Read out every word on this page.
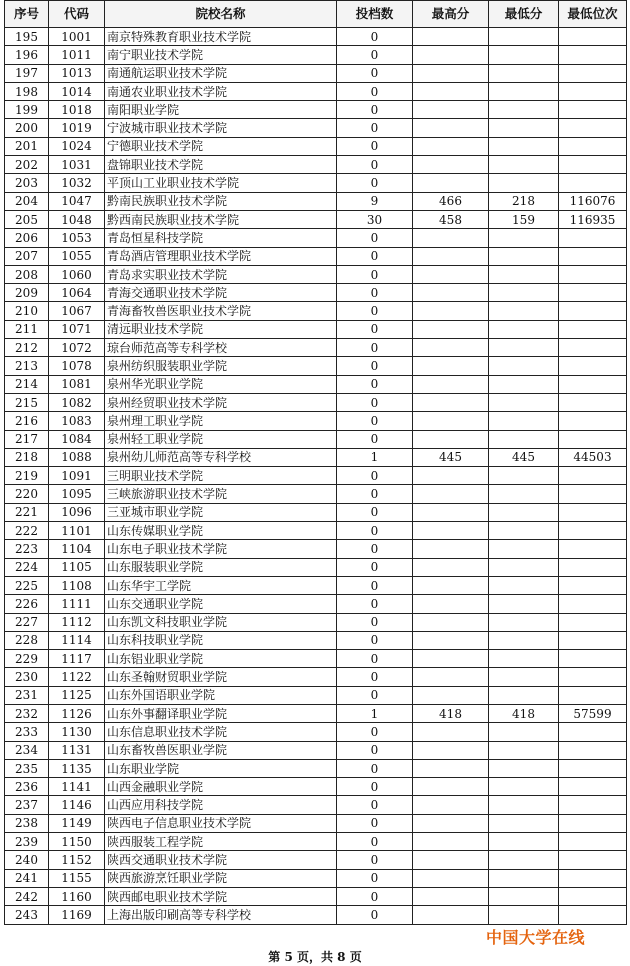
序号	代码	院校名称	投档数	最高分	最低分	最低位次
195	1001	南京特殊教育职业技术学院	0			
196	1011	南宁职业技术学院	0			
197	1013	南通航运职业技术学院	0			
198	1014	南通农业职业技术学院	0			
199	1018	南阳职业学院	0			
200	1019	宁波城市职业技术学院	0			
201	1024	宁德职业技术学院	0			
202	1031	盘锦职业技术学院	0			
203	1032	平顶山工业职业技术学院	0			
204	1047	黔南民族职业技术学院	9	466	218	116076
205	1048	黔西南民族职业技术学院	30	458	159	116935
206	1053	青岛恒星科技学院	0			
207	1055	青岛酒店管理职业技术学院	0			
208	1060	青岛求实职业技术学院	0			
209	1064	青海交通职业技术学院	0			
210	1067	青海畜牧兽医职业技术学院	0			
211	1071	清远职业技术学院	0			
212	1072	琼台师范高等专科学校	0			
213	1078	泉州纺织服装职业学院	0			
214	1081	泉州华光职业学院	0			
215	1082	泉州经贸职业技术学院	0			
216	1083	泉州理工职业学院	0			
217	1084	泉州轻工职业学院	0			
218	1088	泉州幼儿师范高等专科学校	1	445	445	44503
219	1091	三明职业技术学院	0			
220	1095	三峡旅游职业技术学院	0			
221	1096	三亚城市职业学院	0			
222	1101	山东传媒职业学院	0			
223	1104	山东电子职业技术学院	0			
224	1105	山东服装职业学院	0			
225	1108	山东华宇工学院	0			
226	1111	山东交通职业学院	0			
227	1112	山东凯文科技职业学院	0			
228	1114	山东科技职业学院	0			
229	1117	山东铝业职业学院	0			
230	1122	山东圣翰财贸职业学院	0			
231	1125	山东外国语职业学院	0			
232	1126	山东外事翻译职业学院	1	418	418	57599
233	1130	山东信息职业技术学院	0			
234	1131	山东畜牧兽医职业学院	0			
235	1135	山东职业学院	0			
236	1141	山西金融职业学院	0			
237	1146	山西应用科技学院	0			
238	1149	陕西电子信息职业技术学院	0			
239	1150	陕西服装工程学院	0			
240	1152	陕西交通职业技术学院	0			
241	1155	陕西旅游烹饪职业学院	0			
242	1160	陕西邮电职业技术学院	0			
243	1169	上海出版印刷高等专科学校	0			
中国大学在线
第 5 页，共 8 页
